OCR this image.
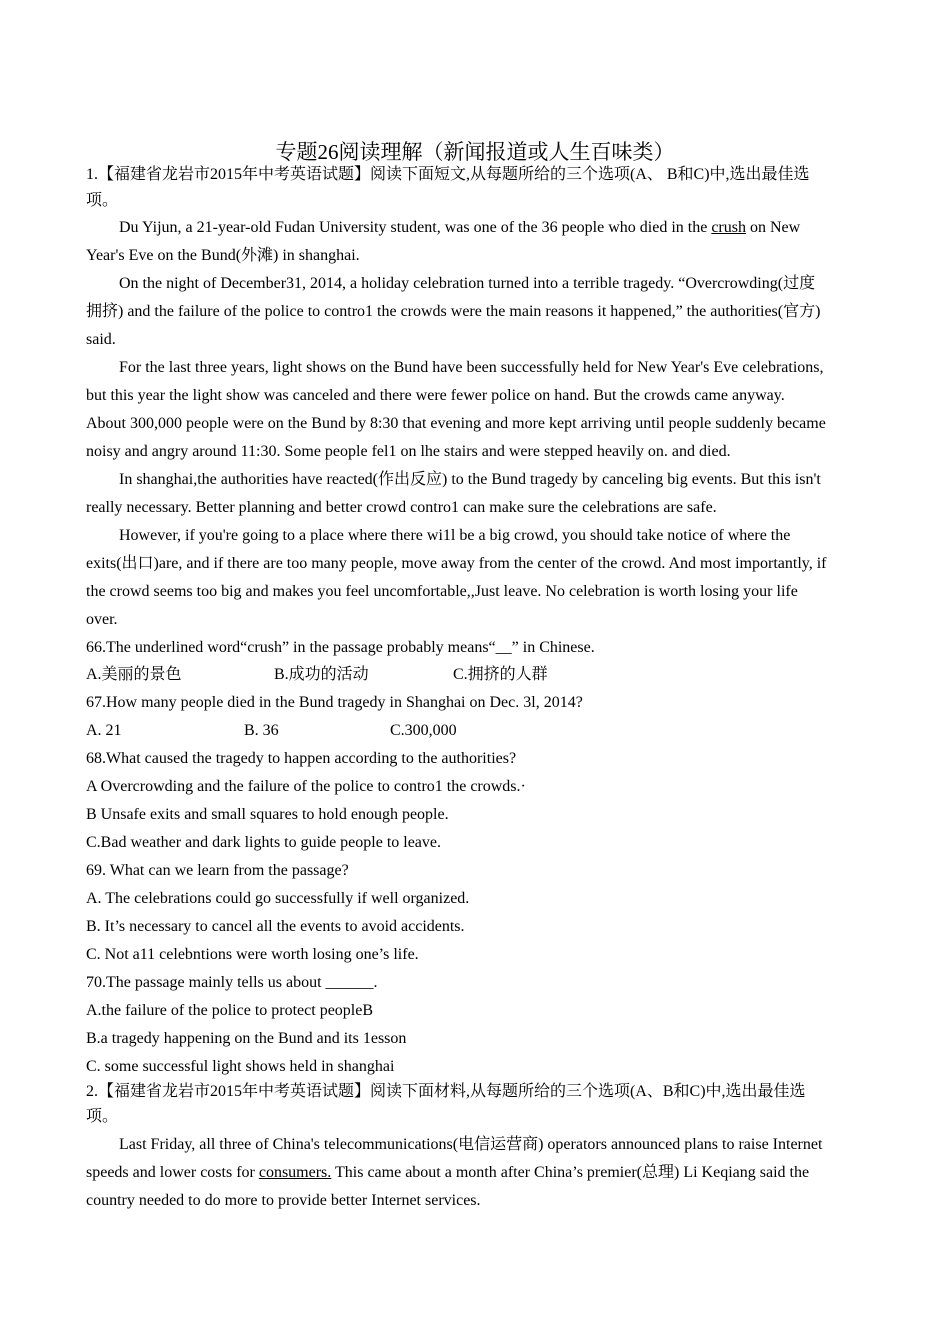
专题26阅读理解（新闻报道或人生百味类）
1.【福建省龙岩市2015年中考英语试题】阅读下面短文,从每题所给的三个选项(A、 B和C)中,选出最佳选
项。
Du Yijun, a 21-year-old Fudan University student, was one of the 36 people who died in the crush on New
Year's Eve on the Bund(外滩) in shanghai.
On the night of December31, 2014, a holiday celebration turned into a terrible tragedy. “Overcrowding(过度
拥挤) and the failure of the police to contro1 the crowds were the main reasons it happened,” the authorities(官方)
said.
For the last three years, light shows on the Bund have been successfully held for New Year's Eve celebrations,
but this year the light show was canceled and there were fewer police on hand. But the crowds came anyway.
About 300,000 people were on the Bund by 8:30 that evening and more kept arriving until people suddenly became
noisy and angry around 11:30. Some people fel1 on lhe stairs and were stepped heavily on. and died.
In shanghai,the authorities have reacted(作出反应) to the Bund tragedy by canceling big events. But this isn't
really necessary. Better planning and better crowd contro1 can make sure the celebrations are safe.
However, if you're going to a place where there wi1l be a big crowd, you should take notice of where the
exits(出口)are, and if there are too many people, move away from the center of the crowd. And most importantly, if
the crowd seems too big and makes you feel uncomfortable,,Just leave. No celebration is worth losing your life
over.
66.The underlined word“crush” in the passage probably means“__” in Chinese.
A.美丽的景色	B.成功的活动	C.拥挤的人群
67.How many people died in the Bund tragedy in Shanghai on Dec. 3l, 2014?
A. 21	B. 36	C.300,000
68.What caused the tragedy to happen according to the authorities?
A Overcrowding and the failure of the police to contro1 the crowds.·
B Unsafe exits and small squares to hold enough people.
C.Bad weather and dark lights to guide people to leave.
69. What can we learn from the passage?
A. The celebrations could go successfully if well organized.
B. It’s necessary to cancel all the events to avoid accidents.
C. Not a11 celebntions were worth losing one’s life.
70.The passage mainly tells us about ______.
A.the failure of the police to protect peopleB
B.a tragedy happening on the Bund and its 1esson
C. some successful light shows held in shanghai
2.【福建省龙岩市2015年中考英语试题】阅读下面材料,从每题所给的三个选项(A、B和C)中,选出最佳选
项。
Last Friday, all three of China's telecommunications(电信运营商) operators announced plans to raise Internet
speeds and lower costs for consumers. This came about a month after China’s premier(总理) Li Keqiang said the
country needed to do more to provide better Internet services.
